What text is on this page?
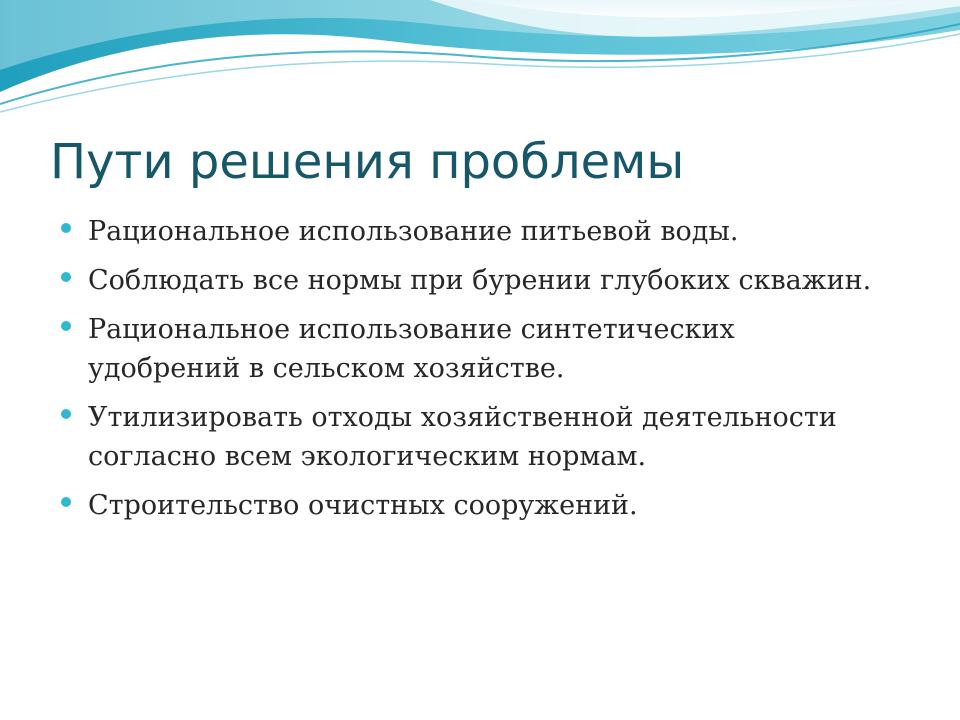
Пути решения проблемы
Рациональное использование питьевой воды.
Соблюдать все нормы при бурении глубоких скважин.
Рациональное использование синтетических удобрений в сельском хозяйстве.
Утилизировать отходы хозяйственной деятельности согласно всем экологическим нормам.
Строительство очистных сооружений.
